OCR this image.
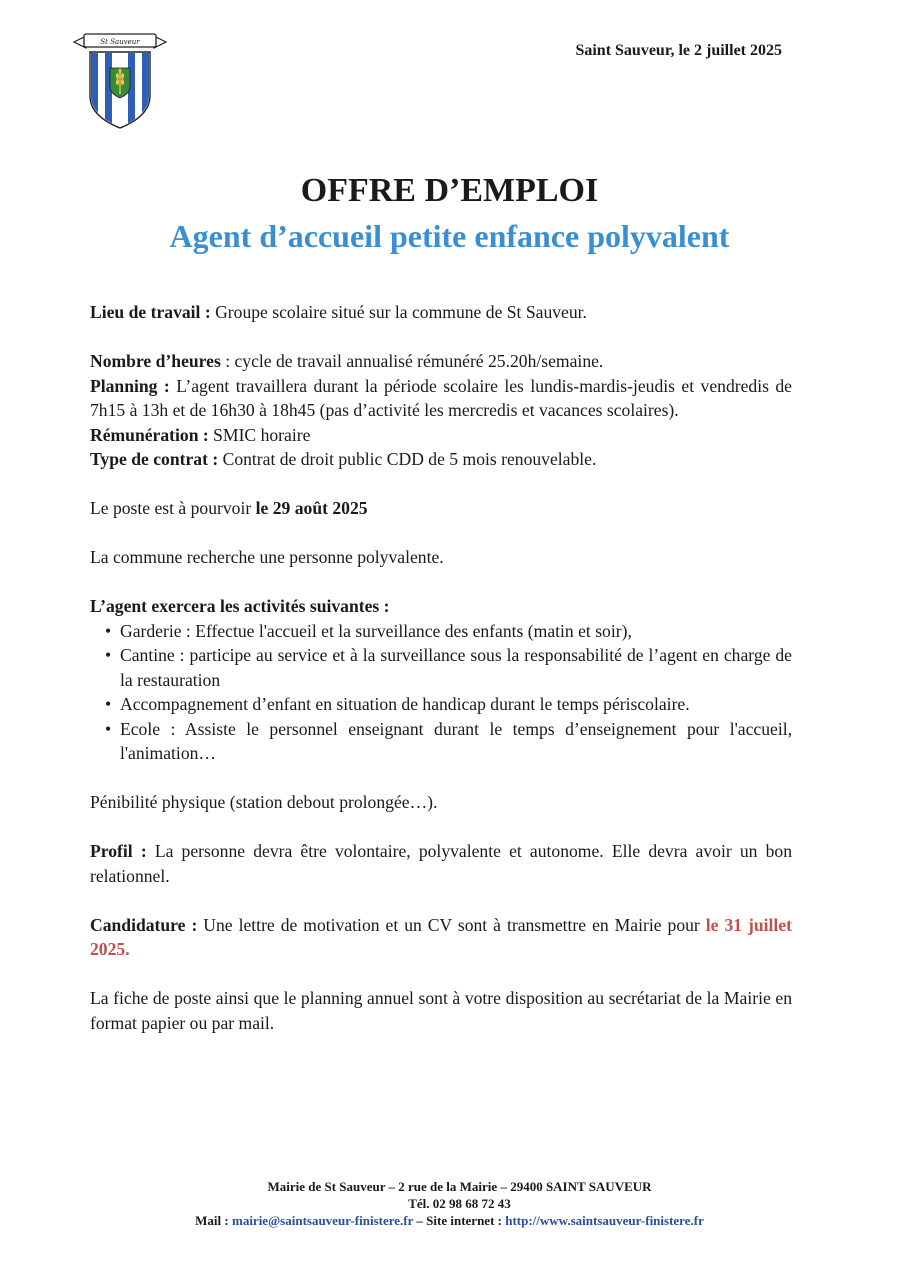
St Sauveur	Saint Sauveur, le 2 juillet 2025
OFFRE D’EMPLOI
Agent d’accueil petite enfance polyvalent

Lieu de travail : Groupe scolaire situé sur la commune de St Sauveur.

Nombre d’heures : cycle de travail annualisé rémunéré 25.20h/semaine.

Planning : L’agent travaillera durant la période scolaire les lundis-mardis-jeudis et vendredis de 7h15 à 13h et de 16h30 à 18h45 (pas d’activité les mercredis et vacances scolaires).

Rémunération : SMIC horaire

Type de contrat : Contrat de droit public CDD de 5 mois renouvelable.

Le poste est à pourvoir le 29 août 2025

La commune recherche une personne polyvalente.

L’agent exercera les activités suivantes :

• Garderie : Effectue l'accueil et la surveillance des enfants (matin et soir),
• Cantine : participe au service et à la surveillance sous la responsabilité de l’agent en charge de la restauration
• Accompagnement d’enfant en situation de handicap durant le temps périscolaire.
• Ecole : Assiste le personnel enseignant durant le temps d’enseignement pour l'accueil, l'animation…

Pénibilité physique (station debout prolongée…).

Profil : La personne devra être volontaire, polyvalente et autonome. Elle devra avoir un bon relationnel.

Candidature : Une lettre de motivation et un CV sont à transmettre en Mairie pour le 31 juillet 2025.

La fiche de poste ainsi que le planning annuel sont à votre disposition au secrétariat de la Mairie en format papier ou par mail.

Mairie de St Sauveur – 2 rue de la Mairie – 29400 SAINT SAUVEUR
Tél. 02 98 68 72 43
Mail : mairie@saintsauveur-finistere.fr – Site internet : http://www.saintsauveur-finistere.fr
